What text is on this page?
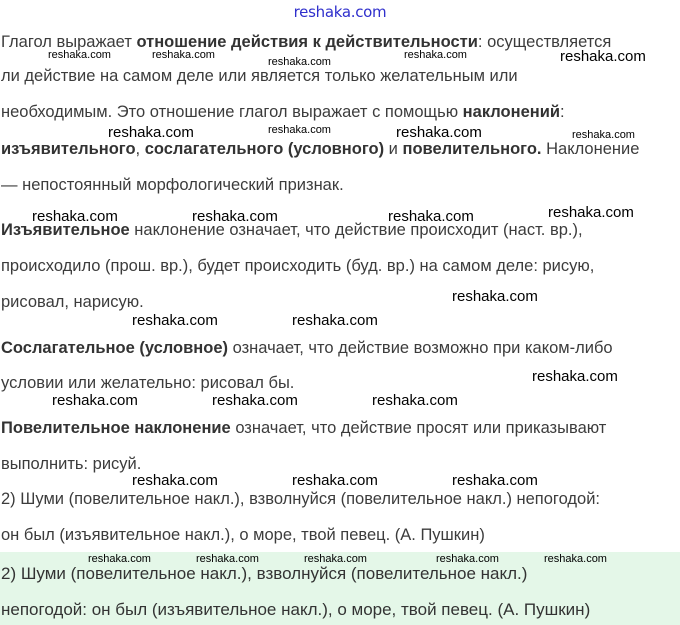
reshaka.com
Глагол выражает отношение действия к действительности: осуществляется
ли действие на самом деле или является только желательным или
необходимым. Это отношение глагол выражает с помощью наклонений:
изъявительного, сослагательного (условного) и повелительного. Наклонение
— непостоянный морфологический признак.
Изъявительное наклонение означает, что действие происходит (наст. вр.),
происходило (прош. вр.), будет происходить (буд. вр.) на самом деле: рисую,
рисовал, нарисую.
Сослагательное (условное) означает, что действие возможно при каком-либо
условии или желательно: рисовал бы.
Повелительное наклонение означает, что действие просят или приказывают
выполнить: рисуй.
2) Шуми (повелительное накл.), взволнуйся (повелительное накл.) непогодой:
он был (изъявительное накл.), о море, твой певец. (А. Пушкин)
2) Шуми (повелительное накл.), взволнуйся (повелительное накл.)
непогодой: он был (изъявительное накл.), о море, твой певец. (А. Пушкин)
reshaka.com	reshaka.com
reshaka.com
reshaka.com	reshaka.com
reshaka.com	reshaka.com	reshaka.com	reshaka.com
reshaka.com	reshaka.com	reshaka.com	reshaka.com
reshaka.com
reshaka.com	reshaka.com
reshaka.com
reshaka.com	reshaka.com	reshaka.com
reshaka.com	reshaka.com	reshaka.com
reshaka.com	reshaka.com	reshaka.com	reshaka.com	reshaka.com
